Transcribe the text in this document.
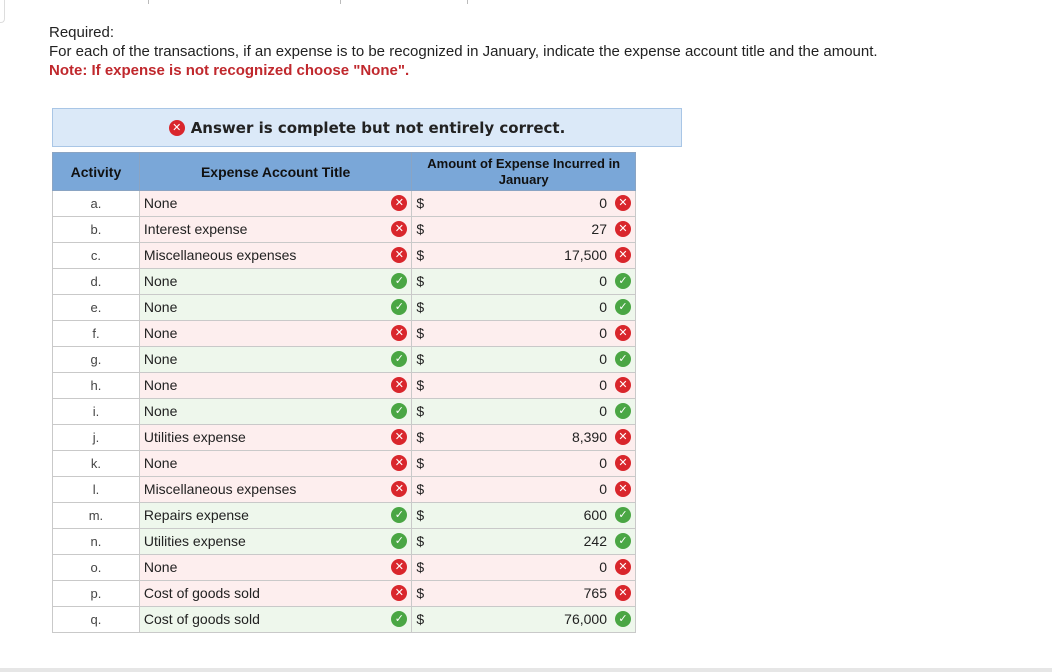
Required:
For each of the transactions, if an expense is to be recognized in January, indicate the expense account title and the amount.
Note: If expense is not recognized choose "None".
✕ Answer is complete but not entirely correct.
Activity	Expense Account Title	Amount of Expense Incurred in January
a.	None ✕	$ 0 ✕

b.	Interest expense ✕	$ 27 ✕

c.	Miscellaneous expenses ✕	$ 17,500 ✕

d.	None ✓	$ 0 ✓

e.	None ✓	$ 0 ✓

f.	None ✕	$ 0 ✕

g.	None ✓	$ 0 ✓

h.	None ✕	$ 0 ✕

i.	None ✓	$ 0 ✓

j.	Utilities expense ✕	$ 8,390 ✕

k.	None ✕	$ 0 ✕

l.	Miscellaneous expenses ✕	$ 0 ✕

m.	Repairs expense ✓	$ 600 ✓

n.	Utilities expense ✓	$ 242 ✓

o.	None ✕	$ 0 ✕

p.	Cost of goods sold ✕	$ 765 ✕

q.	Cost of goods sold ✓	$ 76,000 ✓
